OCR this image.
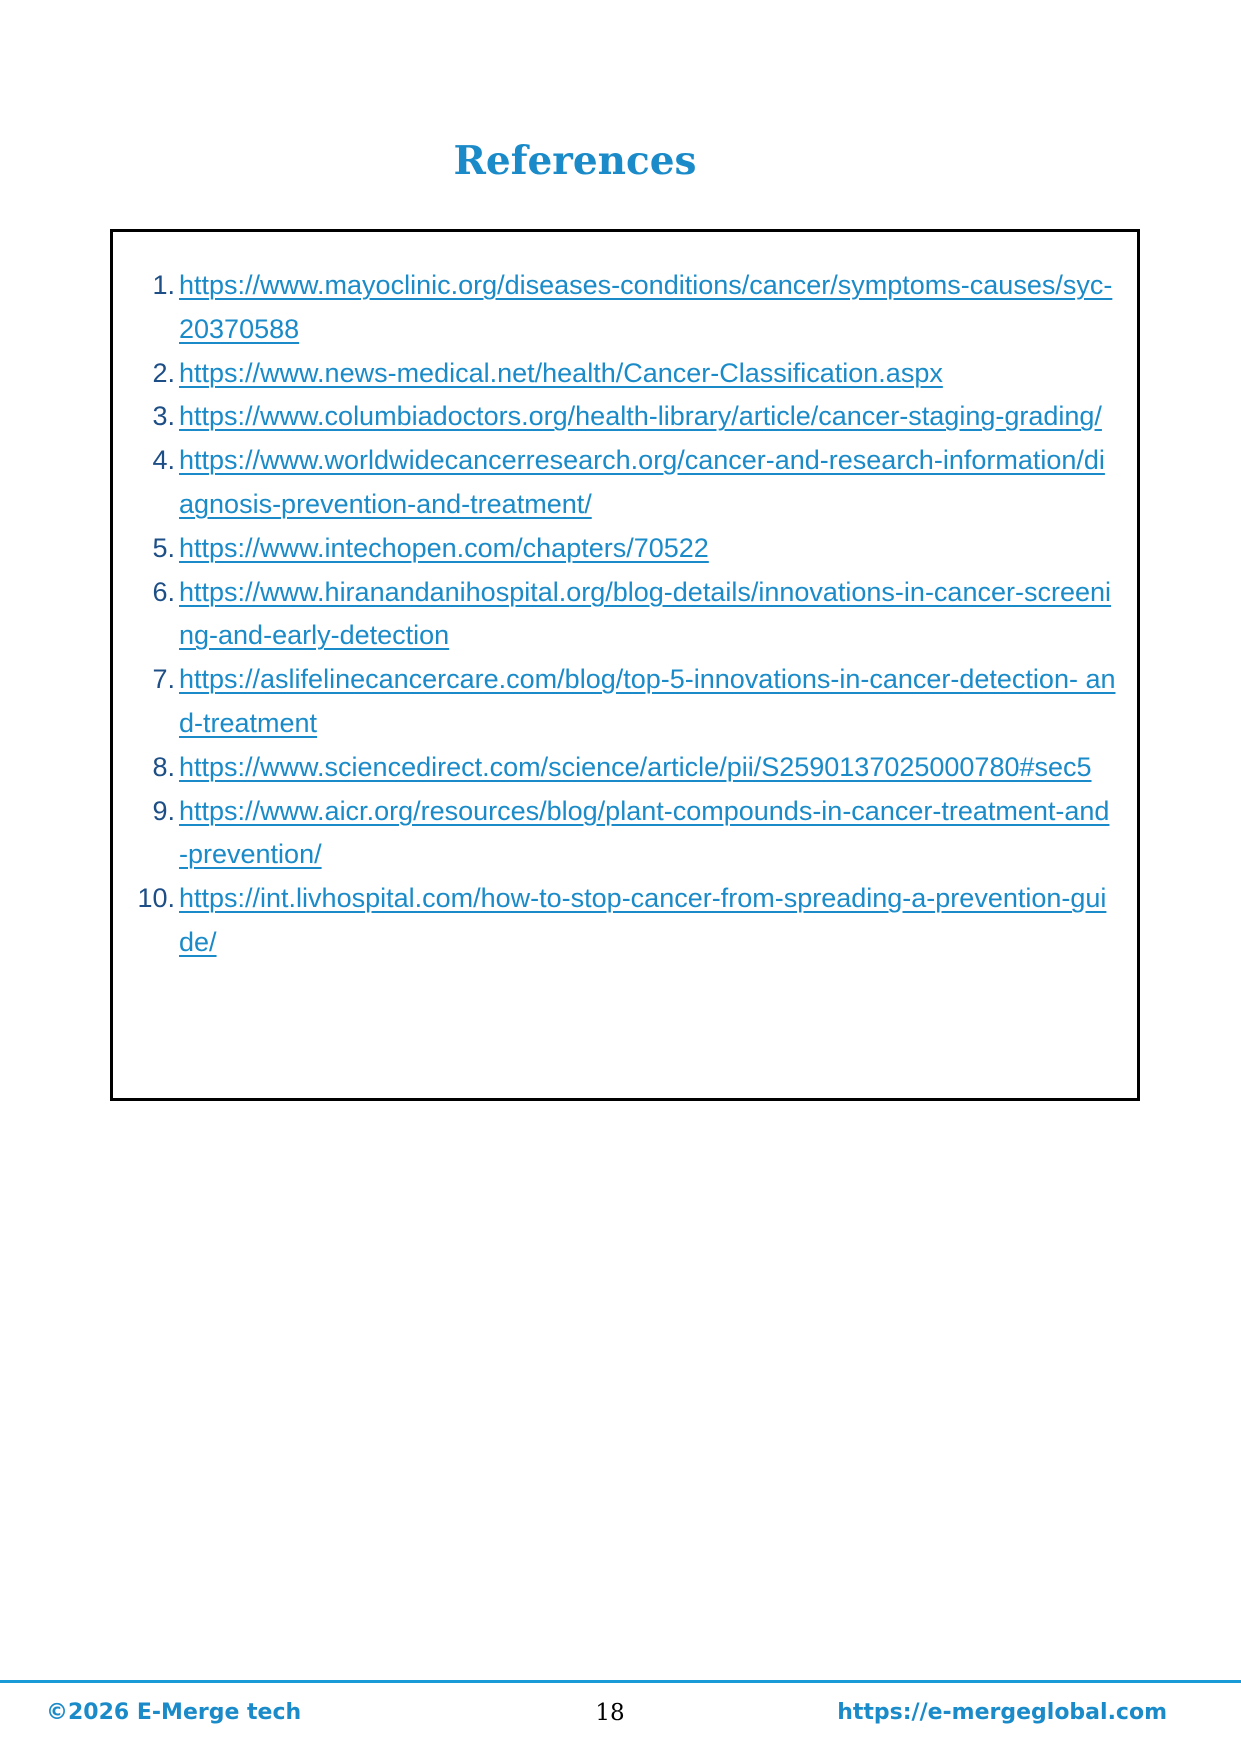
References
1. https://www.mayoclinic.org/diseases-conditions/cancer/symptoms-causes/syc- 20370588
2. https://www.news-medical.net/health/Cancer-Classification.aspx
3. https://www.columbiadoctors.org/health-library/article/cancer-staging-grading/
4. https://www.worldwidecancerresearch.org/cancer-and-research-information/diagnosis-prevention-and-treatment/
5. https://www.intechopen.com/chapters/70522
6. https://www.hiranandanihospital.org/blog-details/innovations-in-cancer-screening-and-early-detection
7. https://aslifelinecancercare.com/blog/top-5-innovations-in-cancer-detection- and-treatment
8. https://www.sciencedirect.com/science/article/pii/S2590137025000780#sec5
9. https://www.aicr.org/resources/blog/plant-compounds-in-cancer-treatment-and-prevention/
10. https://int.livhospital.com/how-to-stop-cancer-from-spreading-a-prevention-guide/
©2026 E-Merge tech	18	https://e-mergeglobal.com
